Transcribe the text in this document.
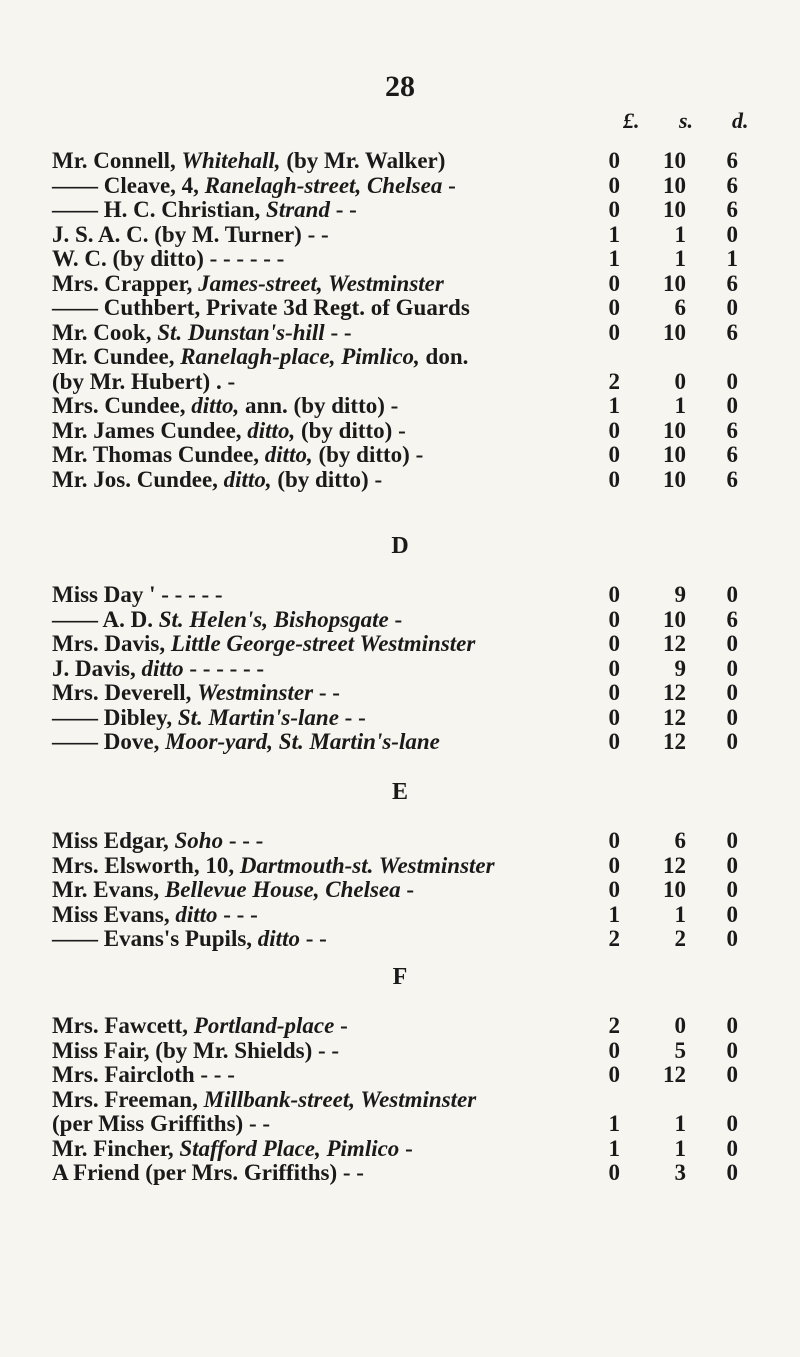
28
£. s. d.
Mr. Connell, Whitehall, (by Mr. Walker)	0	10	6
—— Cleave, 4, Ranelagh-street, Chelsea -	0	10	6
—— H. C. Christian, Strand - -	0	10	6
J. S. A. C. (by M. Turner) - -	1	1	0
W. C. (by ditto) - - - - - -	1	1	1
Mrs. Crapper, James-street, Westminster	0	10	6
—— Cuthbert, Private 3d Regt. of Guards	0	6	0
Mr. Cook, St. Dunstan's-hill - -	0	10	6
Mr. Cundee, Ranelagh-place, Pimlico, don.
(by Mr. Hubert) . -	2	0	0
Mrs. Cundee, ditto, ann. (by ditto) -	1	1	0
Mr. James Cundee, ditto, (by ditto) -	0	10	6
Mr. Thomas Cundee, ditto, (by ditto) -	0	10	6
Mr. Jos. Cundee, ditto, (by ditto) -	0	10	6
D
Miss Day ' - - - - -	0	9	0
—— A. D. St. Helen's, Bishopsgate -	0	10	6
Mrs. Davis, Little George-street Westminster	0	12	0
J. Davis, ditto - - - - - -	0	9	0
Mrs. Deverell, Westminster - -	0	12	0
—— Dibley, St. Martin's-lane - -	0	12	0
—— Dove, Moor-yard, St. Martin's-lane	0	12	0
E
Miss Edgar, Soho - - -	0	6	0
Mrs. Elsworth, 10, Dartmouth-st. Westminster	0	12	0
Mr. Evans, Bellevue House, Chelsea -	0	10	0
Miss Evans, ditto - - -	1	1	0
—— Evans's Pupils, ditto - -	2	2	0
F
Mrs. Fawcett, Portland-place -	2	0	0
Miss Fair, (by Mr. Shields) - -	0	5	0
Mrs. Faircloth - - -	0	12	0
Mrs. Freeman, Millbank-street, Westminster
(per Miss Griffiths) - -	1	1	0
Mr. Fincher, Stafford Place, Pimlico -	1	1	0
A Friend (per Mrs. Griffiths) - -	0	3	0
